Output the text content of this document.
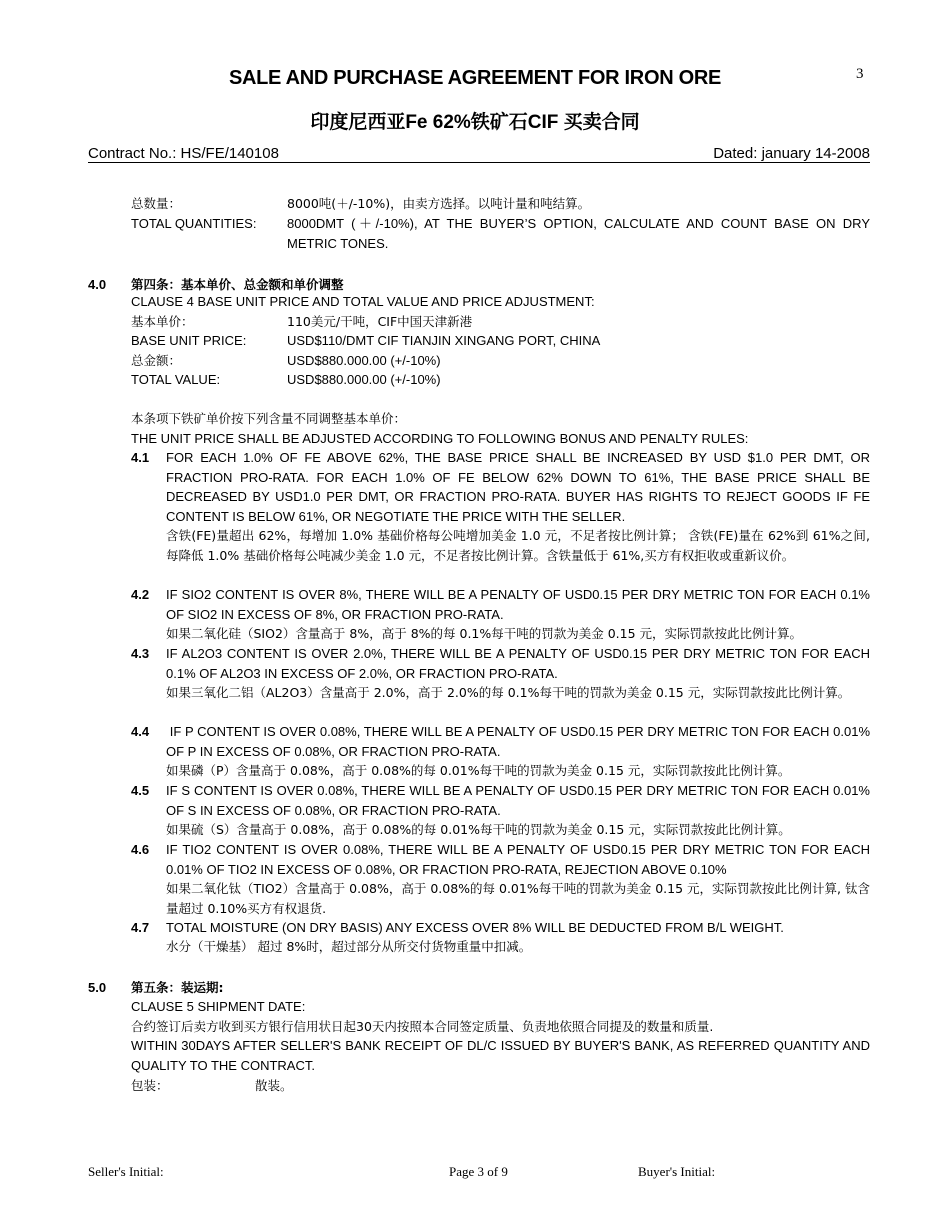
3
SALE AND PURCHASE AGREEMENT FOR IRON ORE
印度尼西亚Fe 62%铁矿石CIF 买卖合同
Contract No.: HS/FE/140108	Dated: january 14-2008
总数量：	8000吨(＋/-10%)，由卖方选择。以吨计量和吨结算。
TOTAL QUANTITIES: 8000DMT (＋/-10%), AT THE BUYER’S OPTION, CALCULATE AND COUNT BASE ON DRY METRIC TONES.
4.0 第四条：基本单价、总金额和单价调整
CLAUSE 4 BASE UNIT PRICE AND TOTAL VALUE AND PRICE ADJUSTMENT:
基本单价：	110美元/干吨，CIF中国天津新港
BASE UNIT PRICE:	USD$110/DMT CIF TIANJIN XINGANG PORT, CHINA
总金额：	USD$880.000.00 (+/-10%)
TOTAL VALUE:	USD$880.000.00 (+/-10%)
本条项下铁矿单价按下列含量不同调整基本单价：
THE UNIT PRICE SHALL BE ADJUSTED ACCORDING TO FOLLOWING BONUS AND PENALTY RULES:
4.1 FOR EACH 1.0% OF FE ABOVE 62%, THE BASE PRICE SHALL BE INCREASED BY USD $1.0 PER DMT, OR FRACTION PRO-RATA. FOR EACH 1.0% OF FE BELOW 62% DOWN TO 61%, THE BASE PRICE SHALL BE DECREASED BY USD1.0 PER DMT, OR FRACTION PRO-RATA. BUYER HAS RIGHTS TO REJECT GOODS IF FE CONTENT IS BELOW 61%, OR NEGOTIATE THE PRICE WITH THE SELLER.
含铁(FE)量超出 62%，每增加 1.0% 基础价格每公吨增加美金 1.0 元，不足者按比例计算； 含铁(FE)量在 62%到 61%之间,每降低 1.0% 基础价格每公吨减少美金 1.0 元，不足者按比例计算。含铁量低于 61%,买方有权拒收或重新议价。
4.2 IF SIO2 CONTENT IS OVER 8%, THERE WILL BE A PENALTY OF USD0.15 PER DRY METRIC TON FOR EACH 0.1% OF SIO2 IN EXCESS OF 8%, OR FRACTION PRO-RATA.
如果二氧化硅（SIO2）含量高于 8%，高于 8%的每 0.1%每干吨的罚款为美金 0.15 元，实际罚款按此比例计算。
4.3 IF AL2O3 CONTENT IS OVER 2.0%, THERE WILL BE A PENALTY OF USD0.15 PER DRY METRIC TON FOR EACH 0.1% OF AL2O3 IN EXCESS OF 2.0%, OR FRACTION PRO-RATA.
如果三氧化二铝（AL2O3）含量高于 2.0%，高于 2.0%的每 0.1%每干吨的罚款为美金 0.15 元，实际罚款按此比例计算。
4.4 IF P CONTENT IS OVER 0.08%, THERE WILL BE A PENALTY OF USD0.15 PER DRY METRIC TON FOR EACH 0.01% OF P IN EXCESS OF 0.08%, OR FRACTION PRO-RATA.
如果磷（P）含量高于 0.08%，高于 0.08%的每 0.01%每干吨的罚款为美金 0.15 元，实际罚款按此比例计算。
4.5 IF S CONTENT IS OVER 0.08%, THERE WILL BE A PENALTY OF USD0.15 PER DRY METRIC TON FOR EACH 0.01% OF S IN EXCESS OF 0.08%, OR FRACTION PRO-RATA.
如果硫（S）含量高于 0.08%，高于 0.08%的每 0.01%每干吨的罚款为美金 0.15 元，实际罚款按此比例计算。
4.6 IF TIO2 CONTENT IS OVER 0.08%, THERE WILL BE A PENALTY OF USD0.15 PER DRY METRIC TON FOR EACH 0.01% OF TIO2 IN EXCESS OF 0.08%, OR FRACTION PRO-RATA, REJECTION ABOVE 0.10%
如果二氧化钛（TIO2）含量高于 0.08%，高于 0.08%的每 0.01%每干吨的罚款为美金 0.15 元，实际罚款按此比例计算, 钛含量超过 0.10%买方有权退货.
4.7 TOTAL MOISTURE (ON DRY BASIS) ANY EXCESS OVER 8% WILL BE DEDUCTED FROM B/L WEIGHT.
水分（干燥基） 超过 8%时，超过部分从所交付货物重量中扣减。
5.0 第五条：装运期:
CLAUSE 5 SHIPMENT DATE:
合约签订后卖方收到买方银行信用状日起30天内按照本合同签定质量、负责地依照合同提及的数量和质量.
WITHIN 30DAYS AFTER SELLER'S BANK RECEIPT OF DL/C ISSUED BY BUYER'S BANK, AS REFERRED QUANTITY AND QUALITY TO THE CONTRACT.
包装：	散装。
Seller's Initial:	Page 3 of 9	Buyer's Initial:
